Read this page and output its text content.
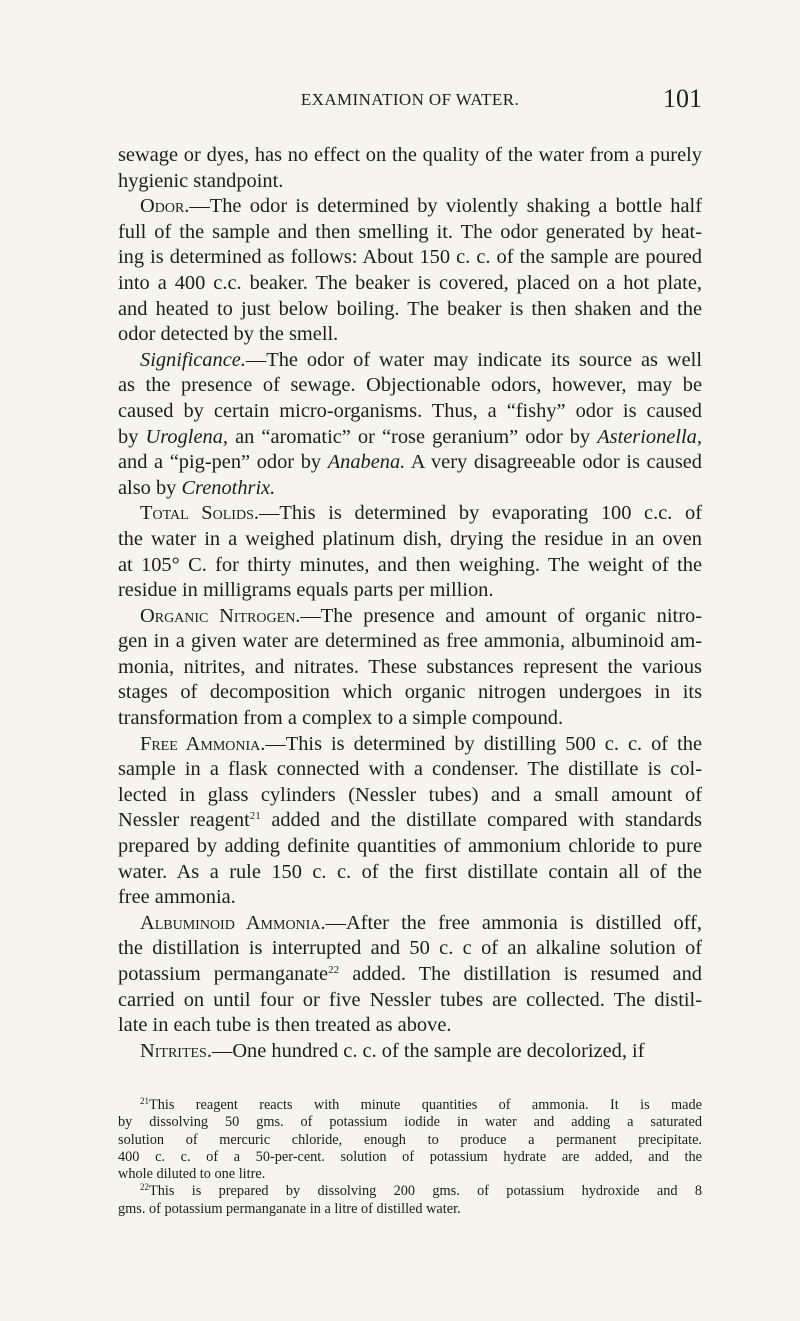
EXAMINATION OF WATER.	101
sewage or dyes, has no effect on the quality of the water from a purely
hygienic standpoint.
Odor.—The odor is determined by violently shaking a bottle half
full of the sample and then smelling it. The odor generated by heat-
ing is determined as follows: About 150 c. c. of the sample are poured
into a 400 c.c. beaker. The beaker is covered, placed on a hot plate,
and heated to just below boiling. The beaker is then shaken and the
odor detected by the smell.
Significance.—The odor of water may indicate its source as well
as the presence of sewage. Objectionable odors, however, may be
caused by certain micro-organisms. Thus, a “fishy” odor is caused
by Uroglena, an “aromatic” or “rose geranium” odor by Asterionella,
and a “pig-pen” odor by Anabena. A very disagreeable odor is caused
also by Crenothrix.
Total Solids.—This is determined by evaporating 100 c.c. of
the water in a weighed platinum dish, drying the residue in an oven
at 105° C. for thirty minutes, and then weighing. The weight of the
residue in milligrams equals parts per million.
Organic Nitrogen.—The presence and amount of organic nitro-
gen in a given water are determined as free ammonia, albuminoid am-
monia, nitrites, and nitrates. These substances represent the various
stages of decomposition which organic nitrogen undergoes in its
transformation from a complex to a simple compound.
Free Ammonia.—This is determined by distilling 500 c. c. of the
sample in a flask connected with a condenser. The distillate is col-
lected in glass cylinders (Nessler tubes) and a small amount of
Nessler reagent$^{21}$ added and the distillate compared with standards
prepared by adding definite quantities of ammonium chloride to pure
water. As a rule 150 c. c. of the first distillate contain all of the
free ammonia.
Albuminoid Ammonia.—After the free ammonia is distilled off,
the distillation is interrupted and 50 c. c of an alkaline solution of
potassium permanganate$^{22}$ added. The distillation is resumed and
carried on until four or five Nessler tubes are collected. The distil-
late in each tube is then treated as above.
Nitrites.—One hundred c. c. of the sample are decolorized, if
$^{21}$This reagent reacts with minute quantities of ammonia. It is made
by dissolving 50 gms. of potassium iodide in water and adding a saturated
solution of mercuric chloride, enough to produce a permanent precipitate.
400 c. c. of a 50-per-cent. solution of potassium hydrate are added, and the
whole diluted to one litre.
$^{22}$This is prepared by dissolving 200 gms. of potassium hydroxide and 8
gms. of potassium permanganate in a litre of distilled water.
